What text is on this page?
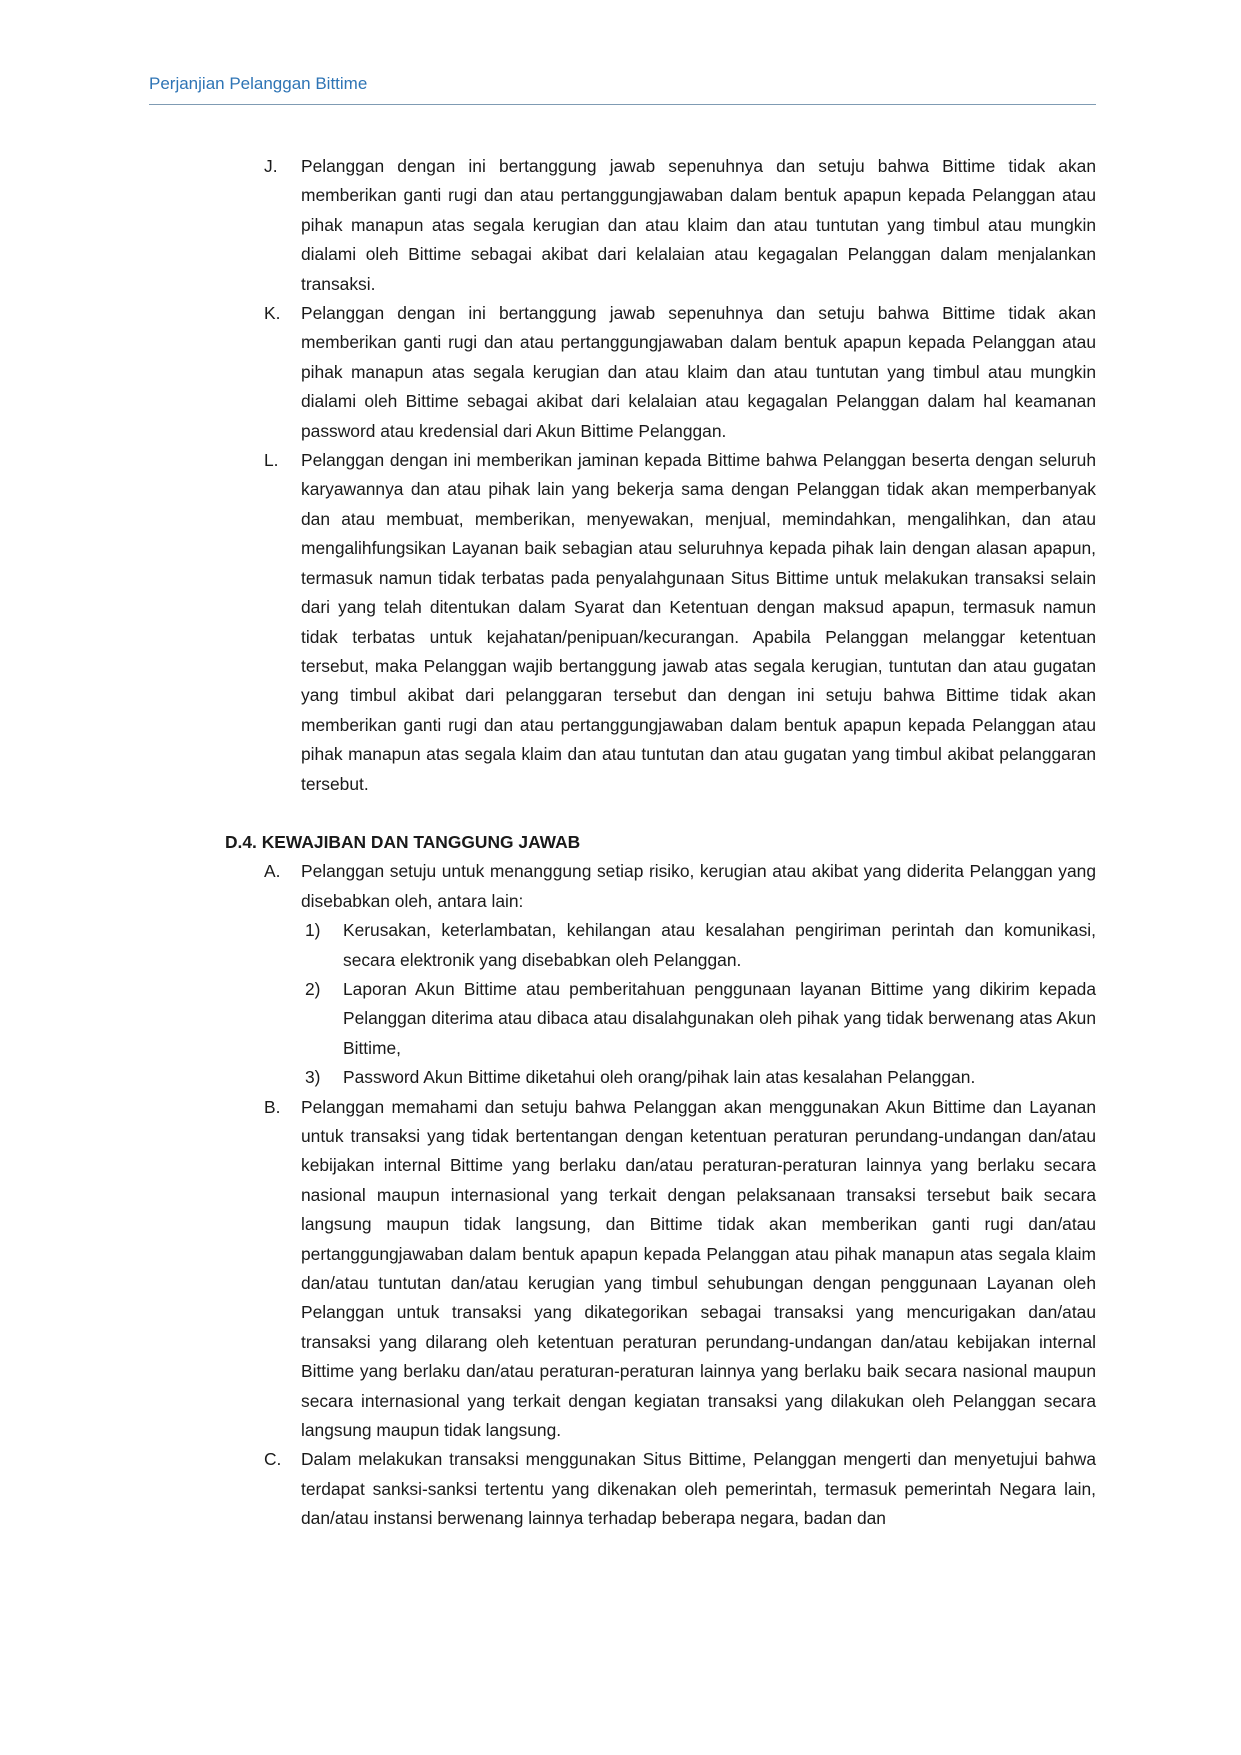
Perjanjian Pelanggan Bittime
J. Pelanggan dengan ini bertanggung jawab sepenuhnya dan setuju bahwa Bittime tidak akan memberikan ganti rugi dan atau pertanggungjawaban dalam bentuk apapun kepada Pelanggan atau pihak manapun atas segala kerugian dan atau klaim dan atau tuntutan yang timbul atau mungkin dialami oleh Bittime sebagai akibat dari kelalaian atau kegagalan Pelanggan dalam menjalankan transaksi.

K. Pelanggan dengan ini bertanggung jawab sepenuhnya dan setuju bahwa Bittime tidak akan memberikan ganti rugi dan atau pertanggungjawaban dalam bentuk apapun kepada Pelanggan atau pihak manapun atas segala kerugian dan atau klaim dan atau tuntutan yang timbul atau mungkin dialami oleh Bittime sebagai akibat dari kelalaian atau kegagalan Pelanggan dalam hal keamanan password atau kredensial dari Akun Bittime Pelanggan.

L. Pelanggan dengan ini memberikan jaminan kepada Bittime bahwa Pelanggan beserta dengan seluruh karyawannya dan atau pihak lain yang bekerja sama dengan Pelanggan tidak akan memperbanyak dan atau membuat, memberikan, menyewakan, menjual, memindahkan, mengalihkan, dan atau mengalihfungsikan Layanan baik sebagian atau seluruhnya kepada pihak lain dengan alasan apapun, termasuk namun tidak terbatas pada penyalahgunaan Situs Bittime untuk melakukan transaksi selain dari yang telah ditentukan dalam Syarat dan Ketentuan dengan maksud apapun, termasuk namun tidak terbatas untuk kejahatan/penipuan/kecurangan. Apabila Pelanggan melanggar ketentuan tersebut, maka Pelanggan wajib bertanggung jawab atas segala kerugian, tuntutan dan atau gugatan yang timbul akibat dari pelanggaran tersebut dan dengan ini setuju bahwa Bittime tidak akan memberikan ganti rugi dan atau pertanggungjawaban dalam bentuk apapun kepada Pelanggan atau pihak manapun atas segala klaim dan atau tuntutan dan atau gugatan yang timbul akibat pelanggaran tersebut.

D.4. KEWAJIBAN DAN TANGGUNG JAWAB
A. Pelanggan setuju untuk menanggung setiap risiko, kerugian atau akibat yang diderita Pelanggan yang disebabkan oleh, antara lain:

1) Kerusakan, keterlambatan, kehilangan atau kesalahan pengiriman perintah dan komunikasi, secara elektronik yang disebabkan oleh Pelanggan.

2) Laporan Akun Bittime atau pemberitahuan penggunaan layanan Bittime yang dikirim kepada Pelanggan diterima atau dibaca atau disalahgunakan oleh pihak yang tidak berwenang atas Akun Bittime,

3) Password Akun Bittime diketahui oleh orang/pihak lain atas kesalahan Pelanggan.

B. Pelanggan memahami dan setuju bahwa Pelanggan akan menggunakan Akun Bittime dan Layanan untuk transaksi yang tidak bertentangan dengan ketentuan peraturan perundang-undangan dan/atau kebijakan internal Bittime yang berlaku dan/atau peraturan-peraturan lainnya yang berlaku secara nasional maupun internasional yang terkait dengan pelaksanaan transaksi tersebut baik secara langsung maupun tidak langsung, dan Bittime tidak akan memberikan ganti rugi dan/atau pertanggungjawaban dalam bentuk apapun kepada Pelanggan atau pihak manapun atas segala klaim dan/atau tuntutan dan/atau kerugian yang timbul sehubungan dengan penggunaan Layanan oleh Pelanggan untuk transaksi yang dikategorikan sebagai transaksi yang mencurigakan dan/atau transaksi yang dilarang oleh ketentuan peraturan perundang-undangan dan/atau kebijakan internal Bittime yang berlaku dan/atau peraturan-peraturan lainnya yang berlaku baik secara nasional maupun secara internasional yang terkait dengan kegiatan transaksi yang dilakukan oleh Pelanggan secara langsung maupun tidak langsung.

C. Dalam melakukan transaksi menggunakan Situs Bittime, Pelanggan mengerti dan menyetujui bahwa terdapat sanksi-sanksi tertentu yang dikenakan oleh pemerintah, termasuk pemerintah Negara lain, dan/atau instansi berwenang lainnya terhadap beberapa negara, badan dan
